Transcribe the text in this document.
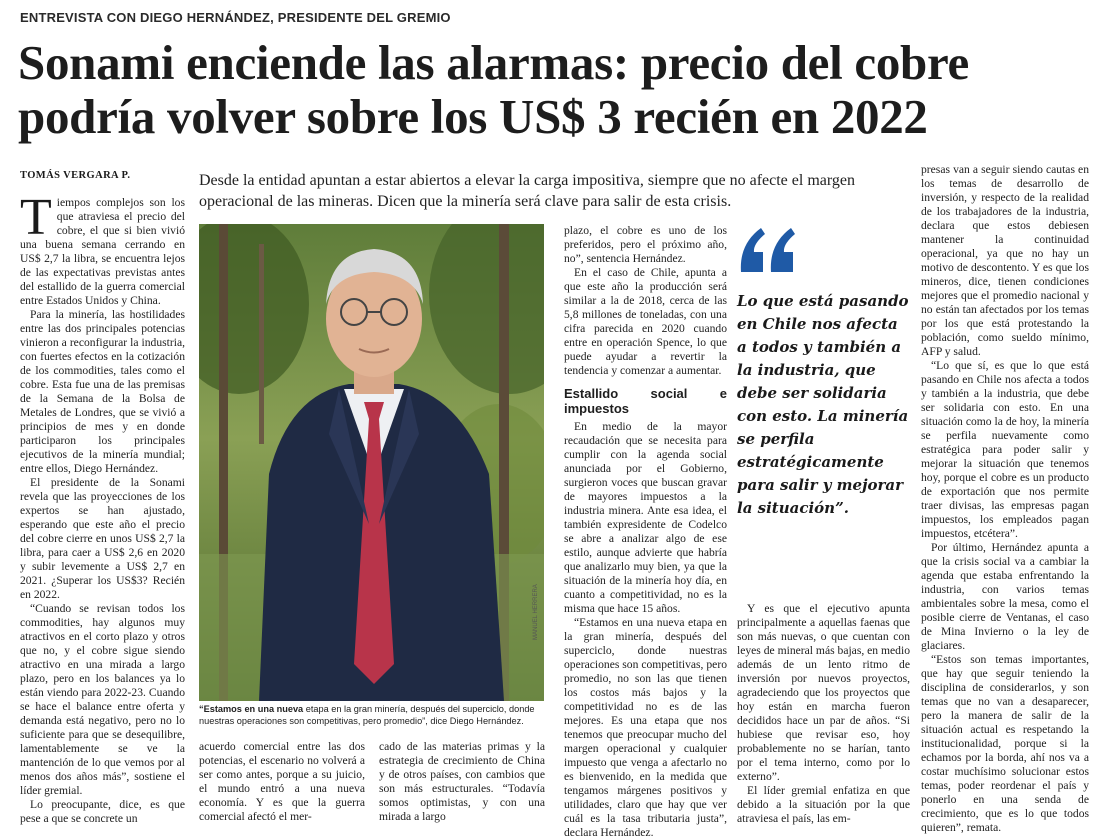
ENTREVISTA CON DIEGO HERNÁNDEZ, PRESIDENTE DEL GREMIO
Sonami enciende las alarmas: precio del cobre podría volver sobre los US$ 3 recién en 2022
TOMÁS VERGARA P.	Desde la entidad apuntan a estar abiertos a elevar la carga impositiva, siempre que no afecte el margen operacional de las mineras. Dicen que la minería será clave para salir de esta crisis.

Tiempos complejos son los que atraviesa el precio del cobre, el que si bien vivió una buena semana cerrando en US$ 2,7 la libra, se encuentra lejos de las expectativas previstas antes del estallido de la guerra comercial entre Estados Unidos y China.

Para la minería, las hostilidades entre las dos principales potencias vinieron a reconfigurar la industria, con fuertes efectos en la cotización de los commodities, tales como el cobre. Esta fue una de las premisas de la Semana de la Bolsa de Metales de Londres, que se vivió a principios de mes y en donde participaron los principales ejecutivos de la minería mundial; entre ellos, Diego Hernández.

El presidente de la Sonami revela que las proyecciones de los expertos se han ajustado, esperando que este año el precio del cobre cierre en unos US$ 2,7 la libra, para caer a US$ 2,6 en 2020 y subir levemente a US$ 2,7 en 2021. ¿Superar los US$3? Recién en 2022.

“Cuando se revisan todos los commodities, hay algunos muy atractivos en el corto plazo y otros que no, y el cobre sigue siendo atractivo en una mirada a largo plazo, pero en los balances ya lo están viendo para 2022-23. Cuando se hace el balance entre oferta y demanda está negativo, pero no lo suficiente para que se desequilibre, lamentablemente se ve la mantención de lo que vemos por al menos dos años más”, sostiene el líder gremial.

Lo preocupante, dice, es que pese a que se concrete un

MANUEL HERRERA
“Estamos en una nueva etapa en la gran minería, después del superciclo, donde nuestras operaciones son competitivas, pero promedio”, dice Diego Hernández.

acuerdo comercial entre las dos potencias, el escenario no volverá a ser como antes, porque a su juicio, el mundo entró a una nueva economía. Y es que la guerra comercial afectó el mer-

plazo, el cobre es uno de los preferidos, pero el próximo año, no”, sentencia Hernández.

En el caso de Chile, apunta a que este año la producción será similar a la de 2018, cerca de las 5,8 millones de toneladas, con una cifra parecida en 2020 cuando entre en operación Spence, lo que puede ayudar a revertir la tendencia y comenzar a aumentar.

Estallido social e impuestos

En medio de la mayor recaudación que se necesita para cumplir con la agenda social anunciada por el Gobierno, surgieron voces que buscan gravar de mayores impuestos a la industria minera. Ante esa idea, el también expresidente de Codelco se abre a analizar algo de ese estilo, aunque advierte que habría que analizarlo muy bien, ya que la situación de la minería hoy día, en cuanto a competitividad, no es la misma que hace 15 años.

“Estamos en una nueva etapa en la gran minería, después del superciclo, donde nuestras operaciones son competitivas, pero promedio, no son las que tienen los costos más bajos y la competitividad no es de las mejores. Es una etapa que nos tenemos que preocupar mucho del margen operacional y cualquier impuesto que venga a afectarlo no es bienvenido, en la medida que tengamos márgenes positivos y utilidades, claro que hay que ver cuál es la tasa tributaria justa”, declara Hernández.

cado de las materias primas y la estrategia de crecimiento de China y de otros países, con cambios que son más estructurales. “Todavía somos optimistas, y con una mirada a largo

Lo que está pasando en Chile nos afecta a todos y también a la industria, que debe ser solidaria con esto. La minería se perfila estratégicamente para salir y mejorar la situación”.

Y es que el ejecutivo apunta principalmente a aquellas faenas que son más nuevas, o que cuentan con leyes de mineral más bajas, en medio además de un lento ritmo de inversión por nuevos proyectos, agradeciendo que los proyectos que hoy están en marcha fueron decididos hace un par de años. “Si hubiese que revisar eso, hoy probablemente no se harían, tanto por el tema interno, como por lo externo”.

El líder gremial enfatiza en que debido a la situación por la que atraviesa el país, las em-

presas van a seguir siendo cautas en los temas de desarrollo de inversión, y respecto de la realidad de los trabajadores de la industria, declara que estos debiesen mantener la continuidad operacional, ya que no hay un motivo de descontento. Y es que los mineros, dice, tienen condiciones mejores que el promedio nacional y no están tan afectados por los temas por los que está protestando la población, como sueldo mínimo, AFP y salud.

“Lo que sí, es que lo que está pasando en Chile nos afecta a todos y también a la industria, que debe ser solidaria con esto. En una situación como la de hoy, la minería se perfila nuevamente como estratégica para poder salir y mejorar la situación que tenemos hoy, porque el cobre es un producto de exportación que nos permite traer divisas, las empresas pagan impuestos, los empleados pagan impuestos, etcétera”.

Por último, Hernández apunta a que la crisis social va a cambiar la agenda que estaba enfrentando la industria, con varios temas ambientales sobre la mesa, como el posible cierre de Ventanas, el caso de Mina Invierno o la ley de glaciares.

“Estos son temas importantes, que hay que seguir teniendo la disciplina de considerarlos, y son temas que no van a desaparecer, pero la manera de salir de la situación actual es respetando la institucionalidad, porque si la echamos por la borda, ahí nos va a costar muchísimo solucionar estos temas, poder reordenar el país y ponerlo en una senda de crecimiento, que es lo que todos quieren”, remata.
